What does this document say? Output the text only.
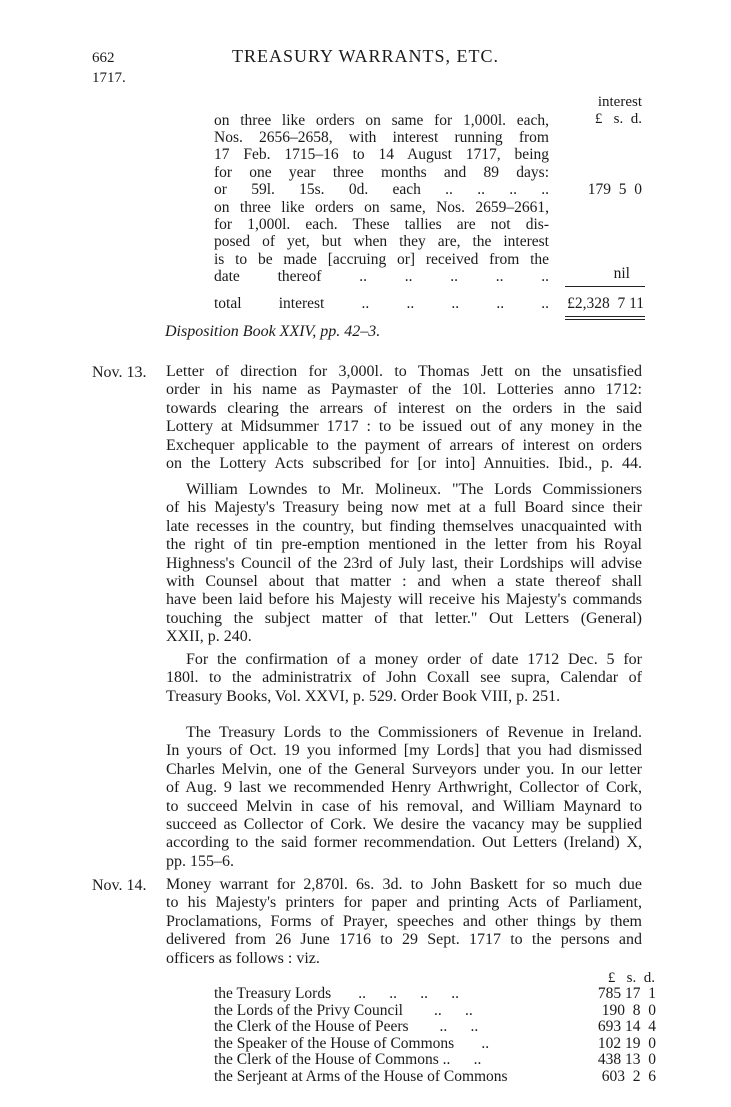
662	TREASURY WARRANTS, ETC.
1717.
interest
£   s.  d.
on three like orders on same for 1,000l. each,
Nos. 2656–2658, with interest running from
17 Feb. 1715–16 to 14 August 1717, being
for one year three months and 89 days:
or 59l. 15s. 0d. each .. .. .. ..	179  5  0
on three like orders on same, Nos. 2659–2661,
for 1,000l. each. These tallies are not dis-
posed of yet, but when they are, the interest
is to be made [accruing or] received from the
date thereof .. .. .. .. ..	nil
total interest .. .. .. .. ..	£2,328  7 11
Disposition Book XXIV, pp. 42–3.
Nov. 13. Letter of direction for 3,000l. to Thomas Jett on the unsatisfied
order in his name as Paymaster of the 10l. Lotteries anno 1712:
towards clearing the arrears of interest on the orders in the said
Lottery at Midsummer 1717 : to be issued out of any money in the
Exchequer applicable to the payment of arrears of interest on orders
on the Lottery Acts subscribed for [or into] Annuities. Ibid., p. 44.
William Lowndes to Mr. Molineux. "The Lords Commissioners
of his Majesty's Treasury being now met at a full Board since their
late recesses in the country, but finding themselves unacquainted with
the right of tin pre-emption mentioned in the letter from his Royal
Highness's Council of the 23rd of July last, their Lordships will advise
with Counsel about that matter : and when a state thereof shall
have been laid before his Majesty will receive his Majesty's commands
touching the subject matter of that letter." Out Letters (General)
XXII, p. 240.
For the confirmation of a money order of date 1712 Dec. 5 for
180l. to the administratrix of John Coxall see supra, Calendar of
Treasury Books, Vol. XXVI, p. 529. Order Book VIII, p. 251.
The Treasury Lords to the Commissioners of Revenue in Ireland.
In yours of Oct. 19 you informed [my Lords] that you had dismissed
Charles Melvin, one of the General Surveyors under you. In our letter
of Aug. 9 last we recommended Henry Arthwright, Collector of Cork,
to succeed Melvin in case of his removal, and William Maynard to
succeed as Collector of Cork. We desire the vacancy may be supplied
according to the said former recommendation. Out Letters (Ireland) X,
pp. 155–6.
Nov. 14. Money warrant for 2,870l. 6s. 3d. to John Baskett for so much due
to his Majesty's printers for paper and printing Acts of Parliament,
Proclamations, Forms of Prayer, speeches and other things by them
delivered from 26 June 1716 to 29 Sept. 1717 to the persons and
officers as follows : viz.
£   s.  d.
the Treasury Lords       ..      ..      ..      ..	785 17  1
the Lords of the Privy Council        ..      ..	190  8  0
the Clerk of the House of Peers        ..      ..	693 14  4
the Speaker of the House of Commons       ..	102 19  0
the Clerk of the House of Commons ..      ..	438 13  0
the Serjeant at Arms of the House of Commons	603  2  6
